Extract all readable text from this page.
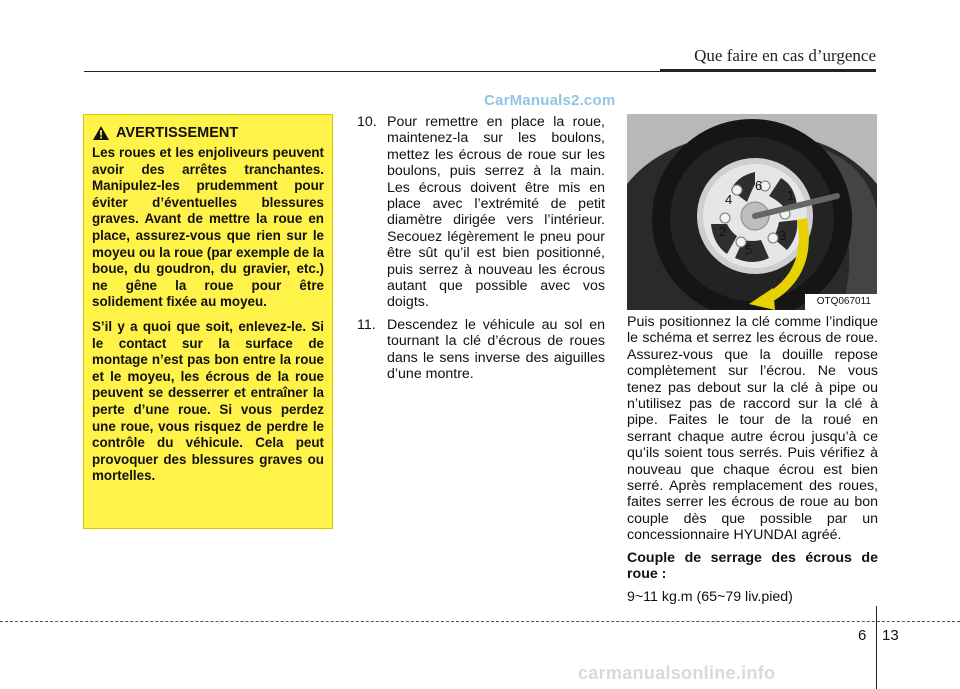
Que faire en cas d’urgence
CarManuals2.com
AVERTISSEMENT

Les roues et les enjoliveurs peuvent avoir des arrêtes tranchantes. Manipulez-les prudemment pour éviter d’éventuelles blessures graves. Avant de mettre la roue en place, assurez-vous que rien sur le moyeu ou la roue (par exemple de la boue, du goudron, du gravier, etc.) ne gêne la roue pour être solidement fixée au moyeu.

S’il y a quoi que soit, enlevez-le. Si le contact sur la surface de montage n’est pas bon entre la roue et le moyeu, les écrous de la roue peuvent se desserrer et entraîner la perte d’une roue. Si vous perdez une roue, vous risquez de perdre le contrôle du véhicule. Cela peut provoquer des blessures graves ou mortelles.

10. Pour remettre en place la roue, maintenez-la sur les boulons, mettez les écrous de roue sur les boulons, puis serrez à la main. Les écrous doivent être mis en place avec l’extrémité de petit diamètre dirigée vers l’intérieur. Secouez légèrement le pneu pour être sût qu’il est bien positionné, puis serrez à nouveau les écrous autant que possible avec vos doigts.
11. Descendez le véhicule au sol en tournant la clé d’écrous de roues dans le sens inverse des aiguilles d’une montre.
1
2	3
4
5
6
OTQ067011

Puis positionnez la clé comme l’indique le schéma et serrez les écrous de roue. Assurez-vous que la douille repose complètement sur l’écrou. Ne vous tenez pas debout sur la clé à pipe ou n’utilisez pas de raccord sur la clé à pipe. Faites le tour de la roué en serrant chaque autre écrou jusqu’à ce qu’ils soient tous serrés. Puis vérifiez à nouveau que chaque écrou est bien serré. Après remplacement des roues, faites serrer les écrous de roue au bon couple dès que possible par un concessionnaire HYUNDAI agréé.

Couple de serrage des écrous de roue :

9~11 kg.m (65~79 liv.pied)

6 13
carmanualsonline.info
